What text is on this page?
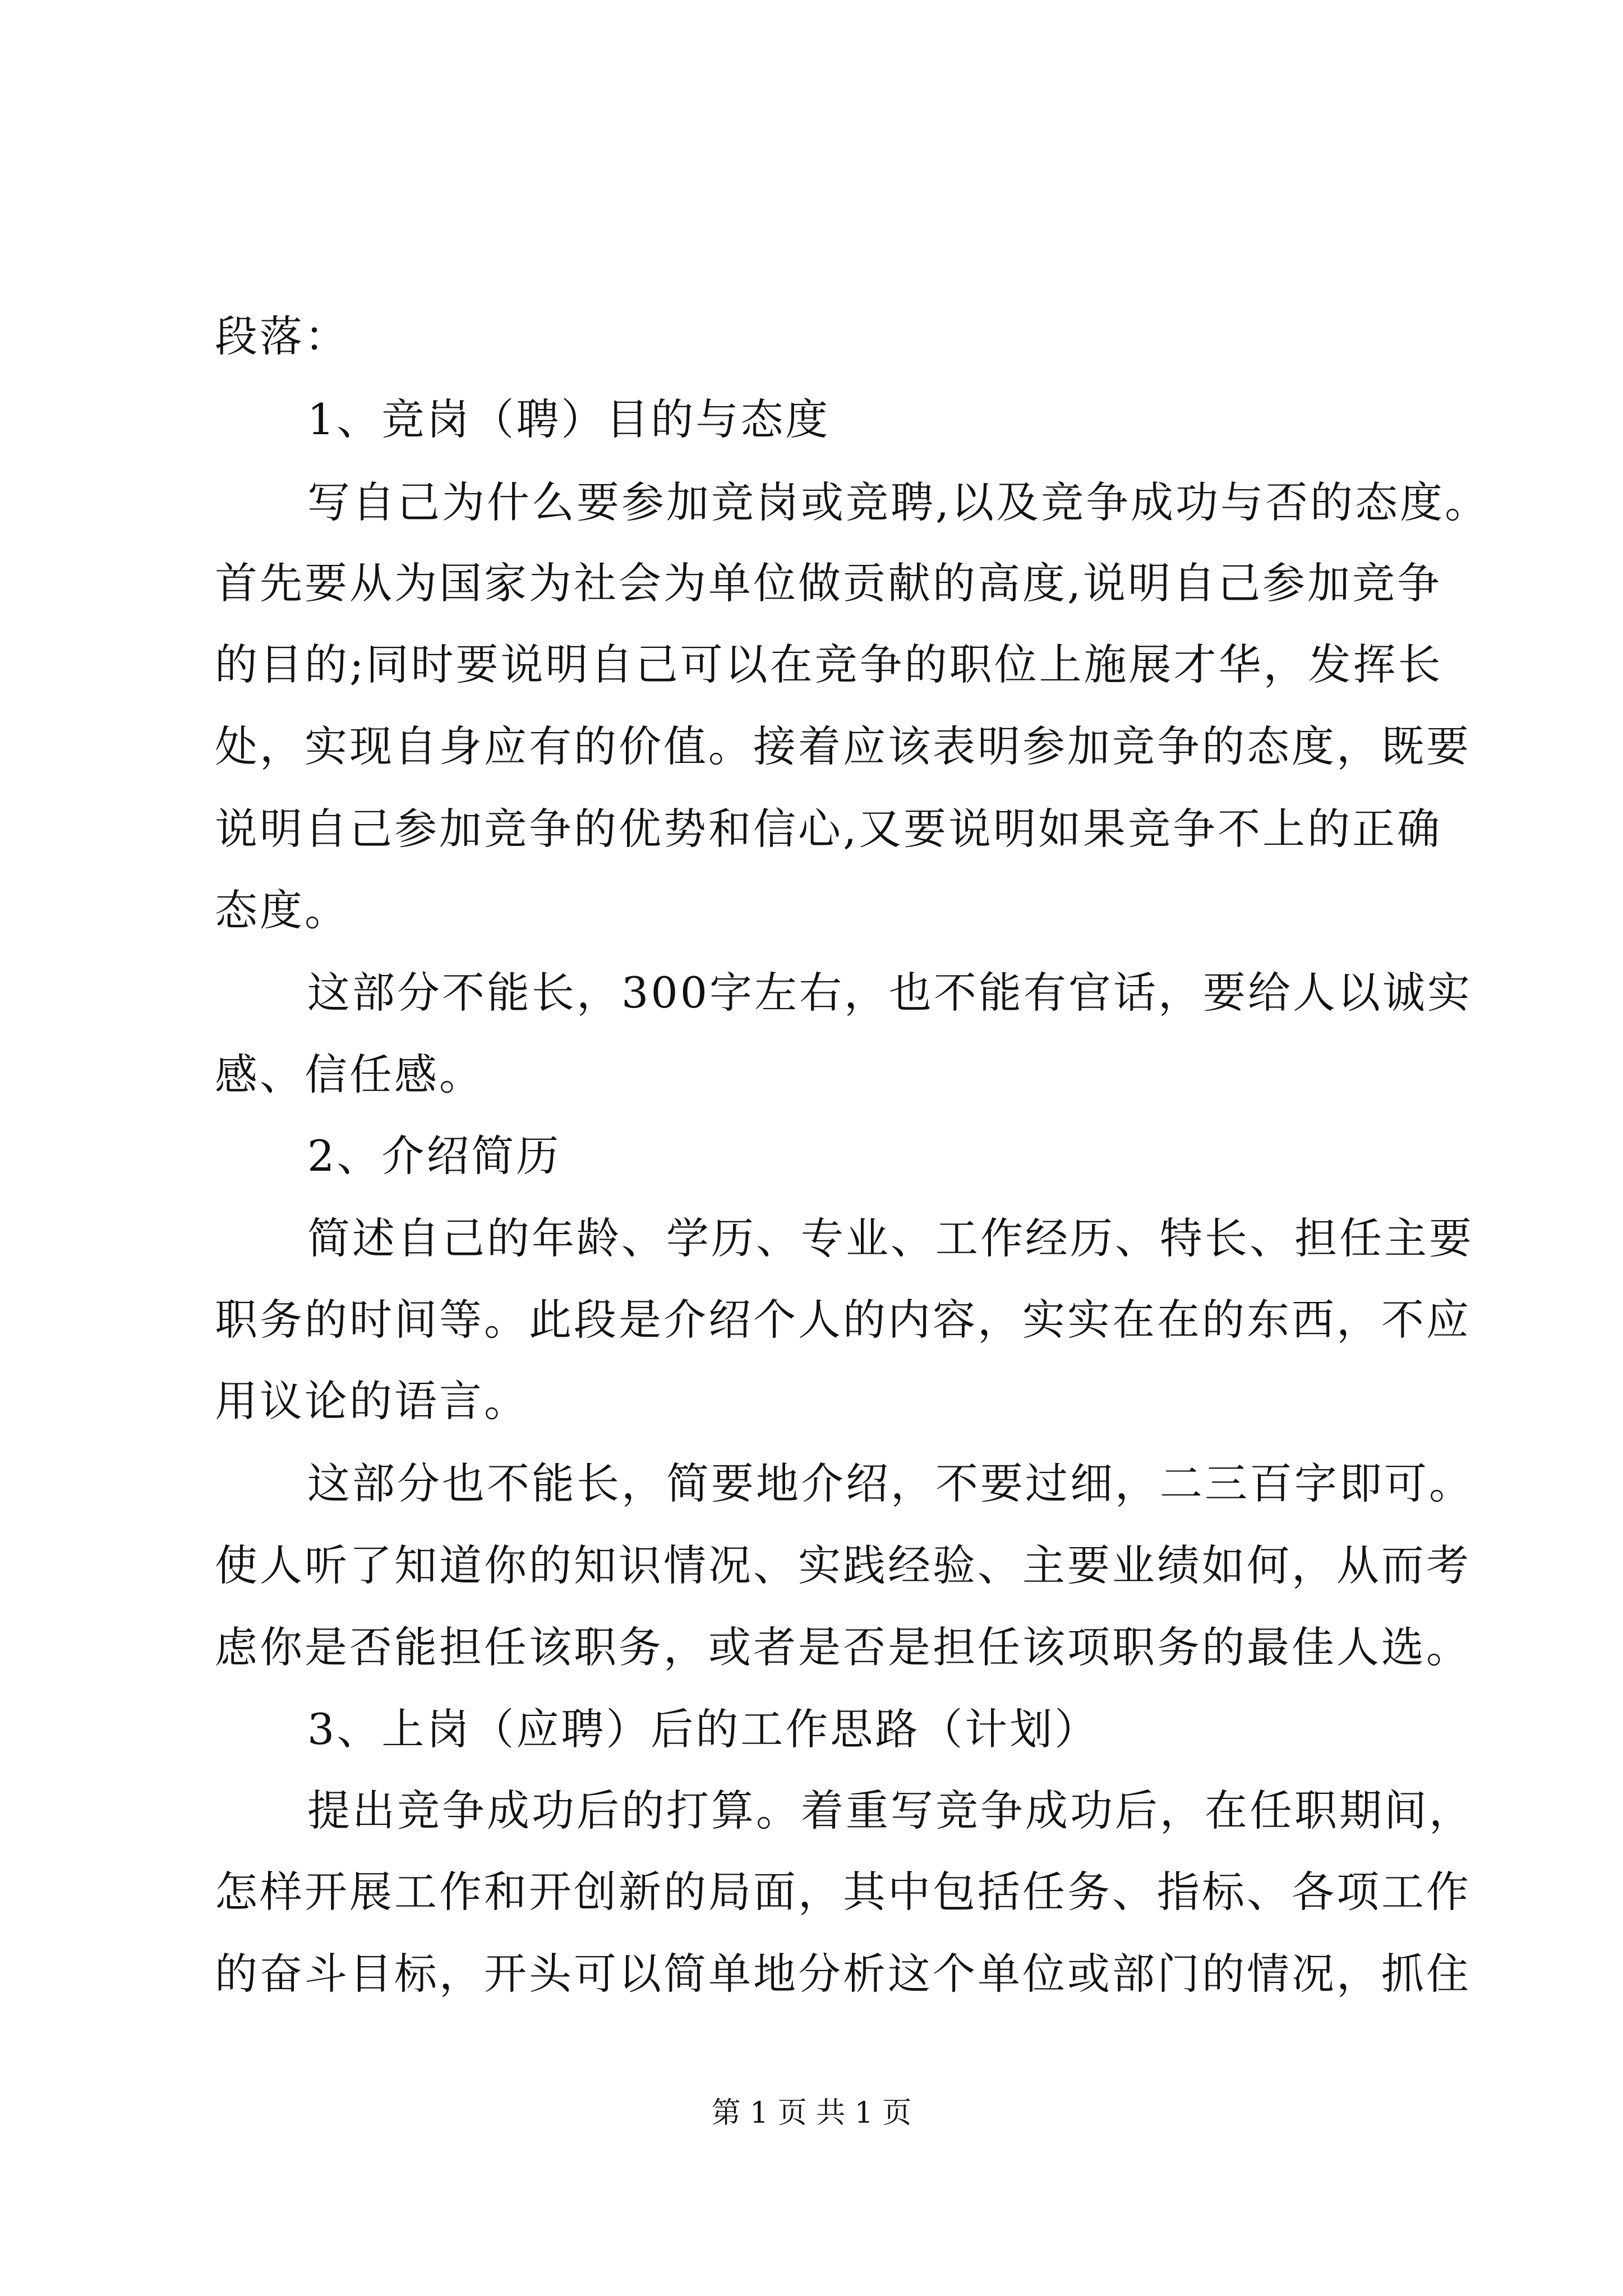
段落：
1、竞岗（聘）目的与态度
写自己为什么要参加竞岗或竞聘,以及竞争成功与否的态度。
首先要从为国家为社会为单位做贡献的高度,说明自己参加竞争
的目的;同时要说明自己可以在竞争的职位上施展才华，发挥长
处，实现自身应有的价值。接着应该表明参加竞争的态度，既要
说明自己参加竞争的优势和信心,又要说明如果竞争不上的正确
态度。
这部分不能长，300字左右，也不能有官话，要给人以诚实
感、信任感。
2、介绍简历
简述自己的年龄、学历、专业、工作经历、特长、担任主要
职务的时间等。此段是介绍个人的内容，实实在在的东西，不应
用议论的语言。
这部分也不能长，简要地介绍，不要过细，二三百字即可。
使人听了知道你的知识情况、实践经验、主要业绩如何，从而考
虑你是否能担任该职务，或者是否是担任该项职务的最佳人选。
3、上岗（应聘）后的工作思路（计划）
提出竞争成功后的打算。着重写竞争成功后，在任职期间，
怎样开展工作和开创新的局面，其中包括任务、指标、各项工作
的奋斗目标，开头可以简单地分析这个单位或部门的情况，抓住
第 1 页 共 1 页
